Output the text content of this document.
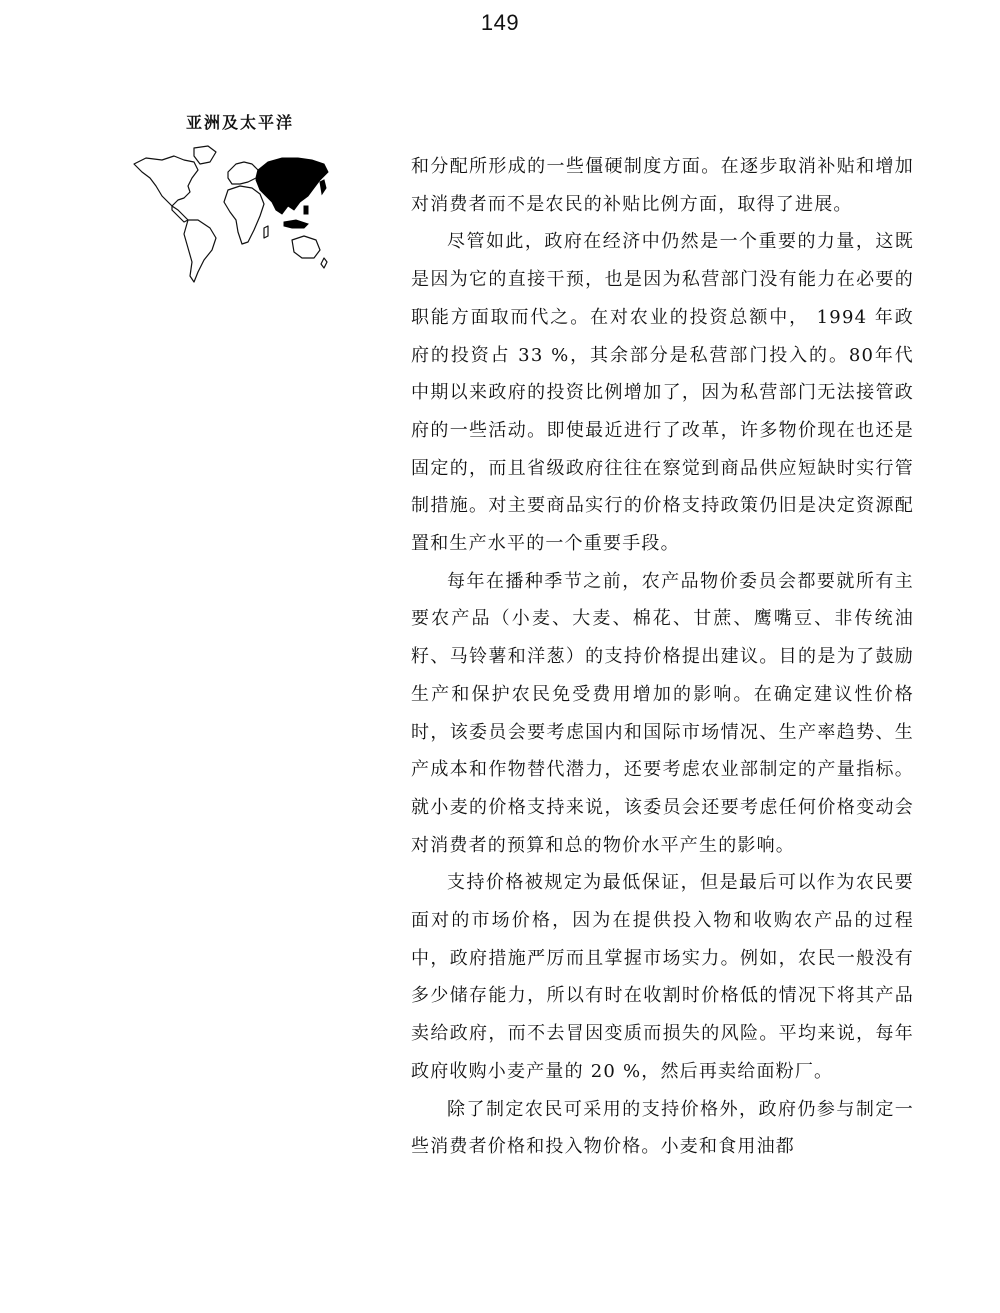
149
亚洲及太平洋

和分配所形成的一些僵硬制度方面。在逐步取消补贴和增加对消费者而不是农民的补贴比例方面，取得了进展。

尽管如此，政府在经济中仍然是一个重要的力量，这既是因为它的直接干预，也是因为私营部门没有能力在必要的职能方面取而代之。在对农业的投资总额中， 1994 年政府的投资占 33 %，其余部分是私营部门投入的。80年代中期以来政府的投资比例增加了，因为私营部门无法接管政府的一些活动。即使最近进行了改革，许多物价现在也还是固定的，而且省级政府往往在察觉到商品供应短缺时实行管制措施。对主要商品实行的价格支持政策仍旧是决定资源配置和生产水平的一个重要手段。

每年在播种季节之前，农产品物价委员会都要就所有主要农产品（小麦、大麦、棉花、甘蔗、鹰嘴豆、非传统油籽、马铃薯和洋葱）的支持价格提出建议。目的是为了鼓励生产和保护农民免受费用增加的影响。在确定建议性价格时，该委员会要考虑国内和国际市场情况、生产率趋势、生产成本和作物替代潜力，还要考虑农业部制定的产量指标。就小麦的价格支持来说，该委员会还要考虑任何价格变动会对消费者的预算和总的物价水平产生的影响。

支持价格被规定为最低保证，但是最后可以作为农民要面对的市场价格，因为在提供投入物和收购农产品的过程中，政府措施严厉而且掌握市场实力。例如，农民一般没有多少储存能力，所以有时在收割时价格低的情况下将其产品卖给政府，而不去冒因变质而损失的风险。平均来说，每年政府收购小麦产量的 20 %，然后再卖给面粉厂。

除了制定农民可采用的支持价格外，政府仍参与制定一些消费者价格和投入物价格。小麦和食用油都
